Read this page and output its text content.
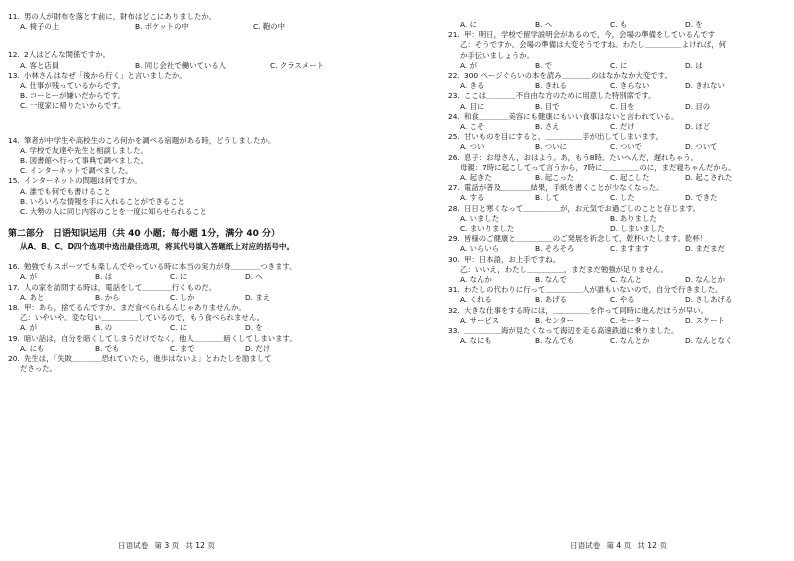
11. 男の人が財布を落とす前に，財布はどこにありましたか。

A. 椅子の上	B. ポケットの中	C. 鞄の中

12. 2人はどんな関係ですか。

A. 客と店員	B. 同じ会社で働いている人	C. クラスメート

13. 小林さんはなぜ「後から行く」と言いましたか。

A. 仕事が残っているからです。
B. コーヒーが嫌いだからです。
C. 一度家に帰りたいからです。

14. 筆者が中学生や高校生のころ何かを調べる宿題がある時，どうしましたか。

A. 学校で友達や先生と相談しました。
B. 図書館へ行って事典で調べました。
C. インターネットで調べました。

15. インターネットの問題は何ですか。

A. 誰でも何でも書けること
B. いろいろな情報を手に入れることができること
C. 大勢の人に同じ内容のことを一度に知らせられること

第二部分　日语知识运用（共 40 小题；每小题 1分，满分 40 分）

从A、B、C、D四个选项中选出最佳选项，将其代号填入答题纸上对应的括号中。

16. 勉強でもスポーツでも楽しんでやっている時に本当の実力が身＿＿＿＿つきます。

A. が	B. は	C. に	D. へ

17. 人の家を訪問する時は，電話をして＿＿＿＿行くものだ。

A. あと	B. から	C. しか	D. まえ

18. 甲：あら，捨てるんですか。まだ食べられるんじゃありませんか。

乙：いやいや。変な匂い＿＿＿＿＿しているので，もう食べられません。

A. が	B. の	C. に	D. を

19. 暗い話は，自分を暗くしてしまうだけでなく，他人＿＿＿＿暗くしてしまいます。

A. にも	B. でも	C. まで	D. だけ

20. 先生は，「失敗＿＿＿＿恐れていたら，進歩はないよ」とわたしを励まして

ださった。

日语试卷 第 3 页 共 12 页
A. に	B. へ	C. も	D. を

21. 甲：明日，学校で留学説明会があるので，今，会場の準備をしているんです

乙：そうですか。会場の準備は大変そうですね。わたし＿＿＿＿＿よければ，何

か手伝いましょうか。

A. が	B. で	C. に	D. は

22. 300 ページぐらいの本を読み＿＿＿＿のはなかなか大変です。

A. きる	B. きれる	C. きらない	D. きれない

23. ここは＿＿＿＿不自由な方のために用意した特別席です。

A. 目に	B. 目で	C. 目を	D. 目の

24. 和食＿＿＿＿美容にも健康にもいい食事はないと言われている。

A. こそ	B. さえ	C. だけ	D. ほど

25. 甘いものを目にすると，＿＿＿＿＿手が出してしまいます。

A. つい	B. ついに	C. ついで	D. ついて

26. 息子：お母さん，おはよう。あ，もう8時。たいへんだ，遅れちゃう。

母親：7時に起こしてって言うから，7時に＿＿＿＿＿のに，まだ寝ちゃんだから。

A. 起きた	B. 起こった	C. 起こした	D. 起こされた

27. 電話が普及＿＿＿＿結果，手紙を書くことが少なくなった。

A. する	B. して	C. した	D. できた

28. 日日と寒くなって＿＿＿＿＿が，お元気でお過ごしのことと存じます。

A. いました	B. ありました
C. まいりました	D. しまいました

29. 皆様のご健康と＿＿＿＿＿のご発展を祈念して，乾杯いたします。乾杯！

A. いらいら	B. そろそろ	C. ますます	D. まだまだ

30. 甲：日本語，お上手ですね。

乙：いいえ，わたし＿＿＿＿＿，まだまだ勉強が足りません。

A. なんか	B. なんで	C. なんと	D. なんとか

31. わたしの代わりに行って＿＿＿＿＿人が誰もいないので，自分で行きました。

A. くれる	B. あげる	C. やる	D. さしあげる

32. 大きな仕事をする時には，＿＿＿＿＿を作って同時に進んだほうが早い。

A. サービス	B. センター	C. セーター	D. スケート

33. ＿＿＿＿＿海が見たくなって海辺を走る高速鉄道に乗りました。

A. なにも	B. なんでも	C. なんとか	D. なんとなく
日语试卷 第 4 页 共 12 页
